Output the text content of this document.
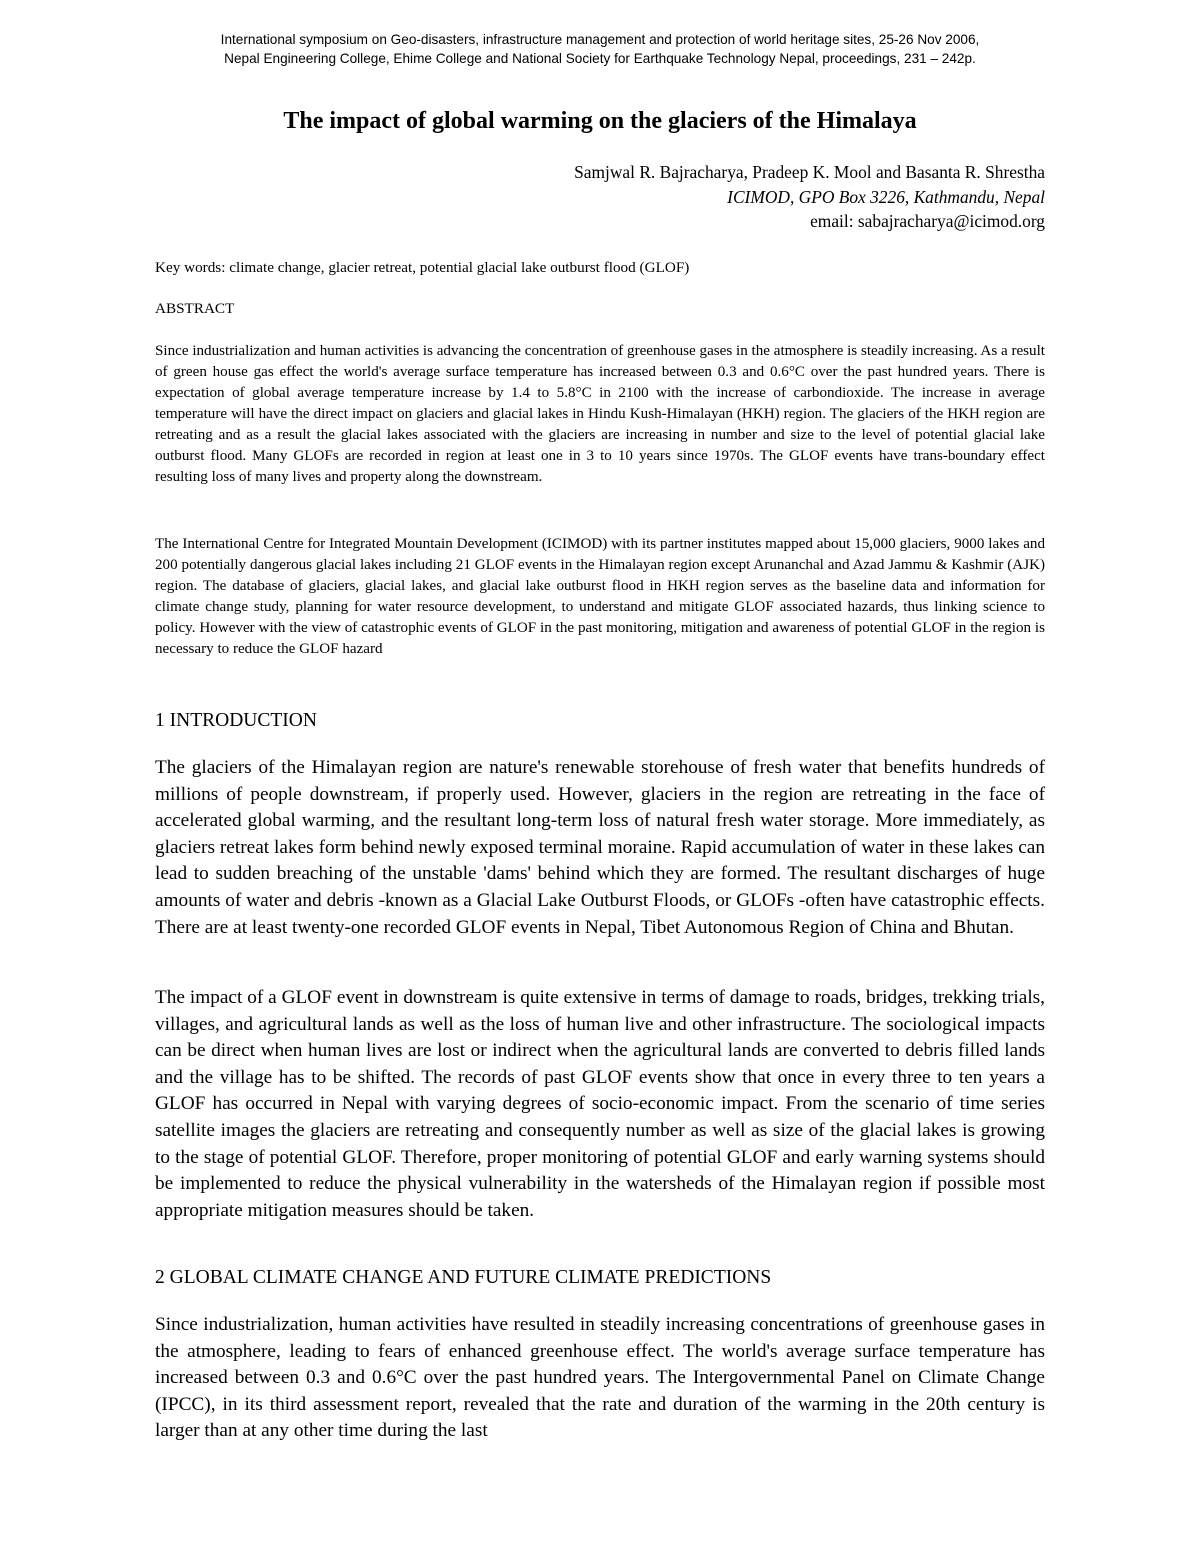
International symposium on Geo-disasters, infrastructure management and protection of world heritage sites, 25-26 Nov 2006,
Nepal Engineering College, Ehime College and National Society for Earthquake Technology Nepal, proceedings, 231 – 242p.
The impact of global warming on the glaciers of the Himalaya
Samjwal R. Bajracharya, Pradeep K. Mool and Basanta R. Shrestha
ICIMOD, GPO Box 3226, Kathmandu, Nepal
email: sabajracharya@icimod.org
Key words: climate change, glacier retreat, potential glacial lake outburst flood (GLOF)
ABSTRACT

Since industrialization and human activities is advancing the concentration of greenhouse gases in the atmosphere is steadily increasing. As a result of green house gas effect the world's average surface temperature has increased between 0.3 and 0.6°C over the past hundred years. There is expectation of global average temperature increase by 1.4 to 5.8°C in 2100 with the increase of carbondioxide. The increase in average temperature will have the direct impact on glaciers and glacial lakes in Hindu Kush-Himalayan (HKH) region. The glaciers of the HKH region are retreating and as a result the glacial lakes associated with the glaciers are increasing in number and size to the level of potential glacial lake outburst flood. Many GLOFs are recorded in region at least one in 3 to 10 years since 1970s. The GLOF events have trans-boundary effect resulting loss of many lives and property along the downstream.

The International Centre for Integrated Mountain Development (ICIMOD) with its partner institutes mapped about 15,000 glaciers, 9000 lakes and 200 potentially dangerous glacial lakes including 21 GLOF events in the Himalayan region except Arunanchal and Azad Jammu & Kashmir (AJK) region. The database of glaciers, glacial lakes, and glacial lake outburst flood in HKH region serves as the baseline data and information for climate change study, planning for water resource development, to understand and mitigate GLOF associated hazards, thus linking science to policy. However with the view of catastrophic events of GLOF in the past monitoring, mitigation and awareness of potential GLOF in the region is necessary to reduce the GLOF hazard

1 INTRODUCTION

The glaciers of the Himalayan region are nature's renewable storehouse of fresh water that benefits hundreds of millions of people downstream, if properly used. However, glaciers in the region are retreating in the face of accelerated global warming, and the resultant long-term loss of natural fresh water storage. More immediately, as glaciers retreat lakes form behind newly exposed terminal moraine. Rapid accumulation of water in these lakes can lead to sudden breaching of the unstable 'dams' behind which they are formed. The resultant discharges of huge amounts of water and debris -known as a Glacial Lake Outburst Floods, or GLOFs -often have catastrophic effects. There are at least twenty-one recorded GLOF events in Nepal, Tibet Autonomous Region of China and Bhutan.

The impact of a GLOF event in downstream is quite extensive in terms of damage to roads, bridges, trekking trials, villages, and agricultural lands as well as the loss of human live and other infrastructure. The sociological impacts can be direct when human lives are lost or indirect when the agricultural lands are converted to debris filled lands and the village has to be shifted. The records of past GLOF events show that once in every three to ten years a GLOF has occurred in Nepal with varying degrees of socio-economic impact. From the scenario of time series satellite images the glaciers are retreating and consequently number as well as size of the glacial lakes is growing to the stage of potential GLOF. Therefore, proper monitoring of potential GLOF and early warning systems should be implemented to reduce the physical vulnerability in the watersheds of the Himalayan region if possible most appropriate mitigation measures should be taken.

2 GLOBAL CLIMATE CHANGE AND FUTURE CLIMATE PREDICTIONS

Since industrialization, human activities have resulted in steadily increasing concentrations of greenhouse gases in the atmosphere, leading to fears of enhanced greenhouse effect. The world's average surface temperature has increased between 0.3 and 0.6°C over the past hundred years. The Intergovernmental Panel on Climate Change (IPCC), in its third assessment report, revealed that the rate and duration of the warming in the 20th century is larger than at any other time during the last
